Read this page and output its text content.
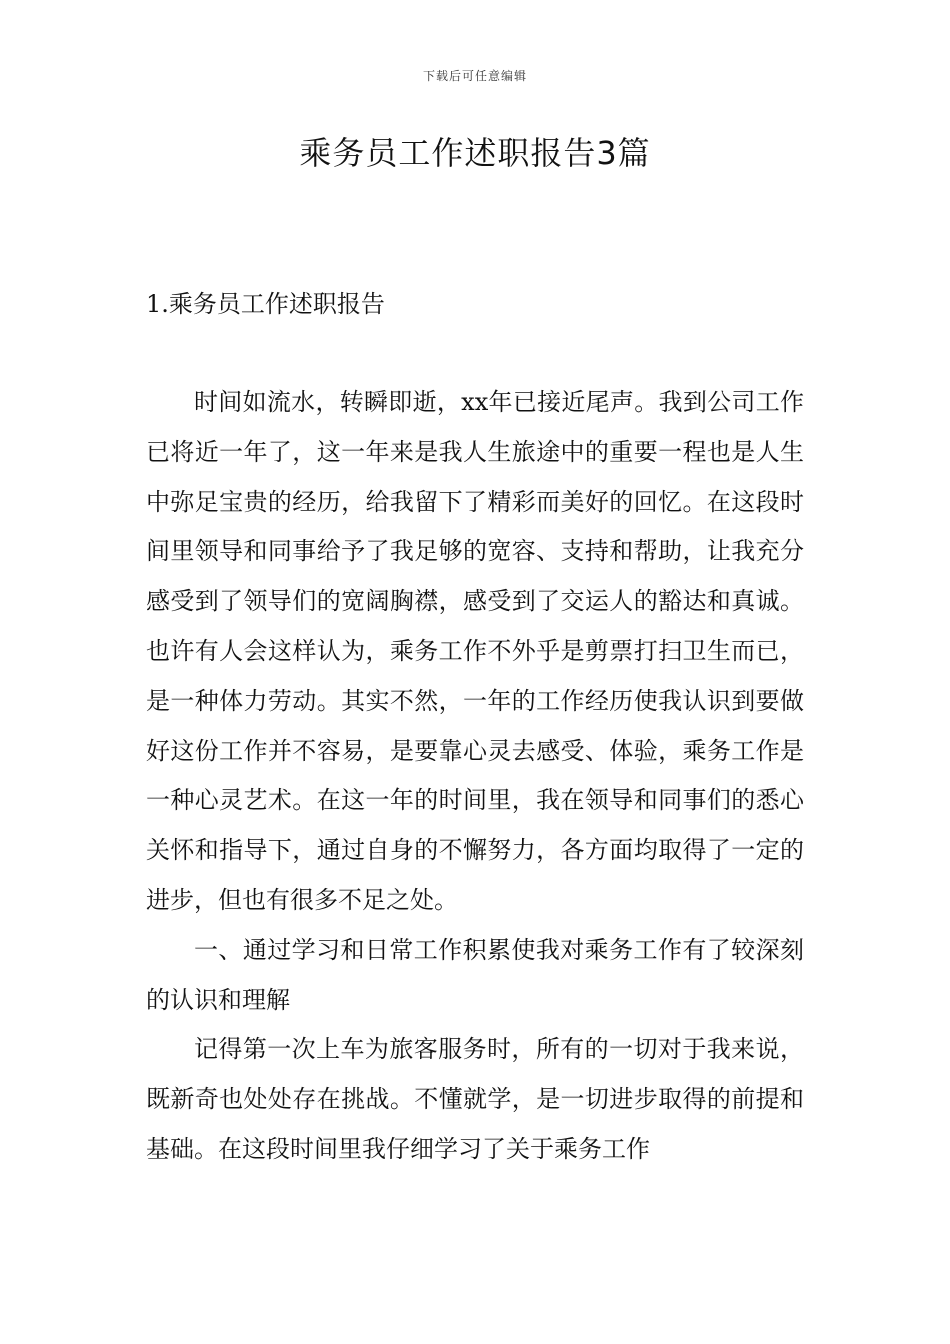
下载后可任意编辑
乘务员工作述职报告3篇
1.乘务员工作述职报告

时间如流水，转瞬即逝，xx年已接近尾声。我到公司工作已将近一年了，这一年来是我人生旅途中的重要一程也是人生中弥足宝贵的经历，给我留下了精彩而美好的回忆。在这段时间里领导和同事给予了我足够的宽容、支持和帮助，让我充分感受到了领导们的宽阔胸襟，感受到了交运人的豁达和真诚。也许有人会这样认为，乘务工作不外乎是剪票打扫卫生而已，是一种体力劳动。其实不然，一年的工作经历使我认识到要做好这份工作并不容易，是要靠心灵去感受、体验，乘务工作是一种心灵艺术。在这一年的时间里，我在领导和同事们的悉心关怀和指导下，通过自身的不懈努力，各方面均取得了一定的进步，但也有很多不足之处。

一、通过学习和日常工作积累使我对乘务工作有了较深刻的认识和理解

记得第一次上车为旅客服务时，所有的一切对于我来说，既新奇也处处存在挑战。不懂就学，是一切进步取得的前提和基础。在这段时间里我仔细学习了关于乘务工作
